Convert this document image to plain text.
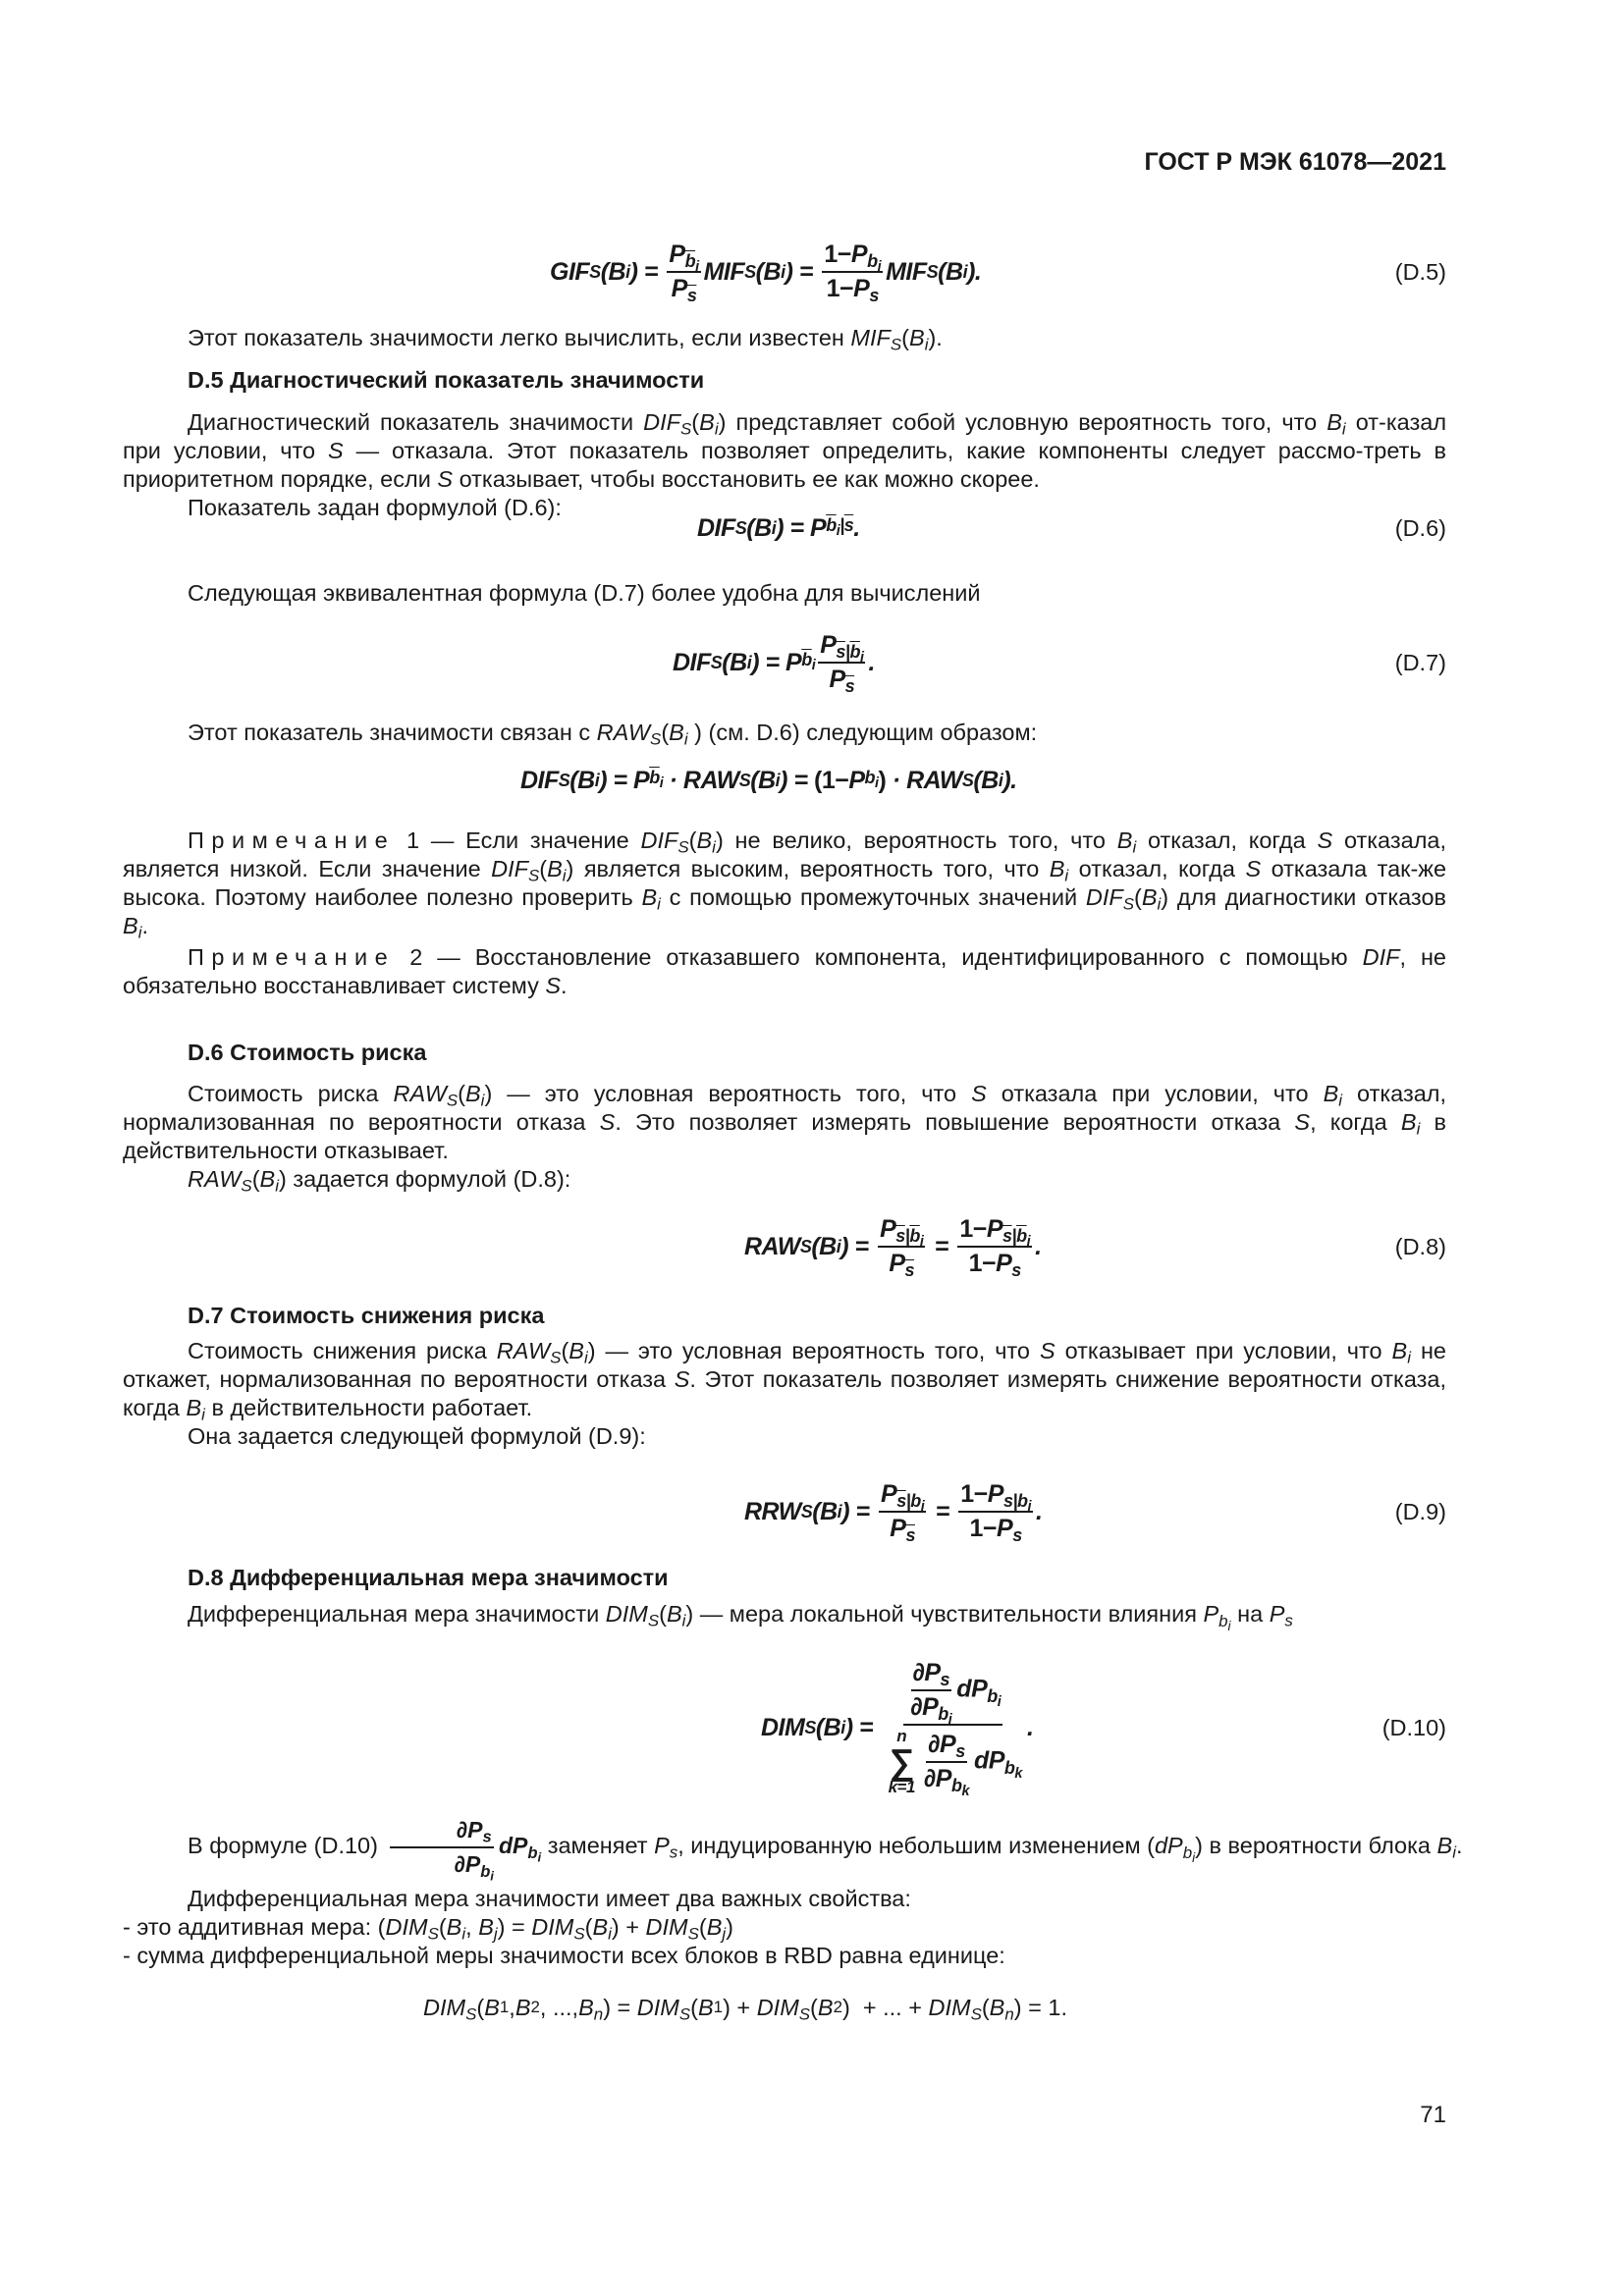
ГОСТ Р МЭК 61078—2021
GIF S (B i ) = $\frac{P_{\overline{b}_i}}{P_{\overline{s}}}$ MIF S (B i ) = $\frac{1-P_{b_i}}{1-P_s}$ MIF S (B i ).	(D.5)

Этот показатель значимости легко вычислить, если известен $MIF_S(B_i)$.

D.5 Диагностический показатель значимости

Диагностический показатель значимости $DIF_S(B_i)$ представляет собой условную вероятность того, что $B_i$ от-казал при условии, что S — отказала. Этот показатель позволяет определить, какие компоненты следует рассмо-треть в приоритетном порядке, если S отказывает, чтобы восстановить ее как можно скорее.

Показатель задан формулой (D.6):

DIF S (B i ) = P $\overline{b}_i|\overline{s}$ .	(D.6)

Следующая эквивалентная формула (D.7) более удобна для вычислений

DIF S (B i ) = P $\overline{b}_i \frac{P_{\overline{s}|\overline{b}_i}}{P_{\overline{s}}}$ .	(D.7)

Этот показатель значимости связан с $RAW_S(B_i$ ) (см. D.6) следующим образом:

DIF S (B i ) = P $\overline{b}_i$ · RAW S (B i ) = (1− P $b_i$ ) · RAW S (B i ).

Примечание 1 — Если значение $DIF_S(B_i)$ не велико, вероятность того, что $B_i$ отказал, когда S отказала, является низкой. Если значение $DIF_S(B_i)$ является высоким, вероятность того, что $B_i$ отказал, когда S отказала так-же высока. Поэтому наиболее полезно проверить $B_i$ с помощью промежуточных значений $DIF_S(B_i)$ для диагностики отказов $B_i$.

Примечание 2 — Восстановление отказавшего компонента, идентифицированного с помощью DIF, не обязательно восстанавливает систему S.

D.6 Стоимость риска

Стоимость риска $RAW_S(B_i)$ — это условная вероятность того, что S отказала при условии, что $B_i$ отказал, нормализованная по вероятности отказа S. Это позволяет измерять повышение вероятности отказа S, когда $B_i$ в действительности отказывает.

$RAW_S(B_i)$ задается формулой (D.8):

RAW S (B i ) = $\frac{P_{\overline{s}|\overline{b}_i}}{P_{\overline{s}}} = \frac{1-P_{\overline{s}|\overline{b}_i}}{1-P_s}$ .	(D.8)

D.7 Стоимость снижения риска

Стоимость снижения риска $RAW_S(B_i)$ — это условная вероятность того, что S отказывает при условии, что $B_i$ не откажет, нормализованная по вероятности отказа S. Этот показатель позволяет измерять снижение вероятности отказа, когда $B_i$ в действительности работает.

Она задается следующей формулой (D.9):

RRW S (B i ) = $\frac{P_{\overline{s}|b_i}}{P_{\overline{s}}} = \frac{1-P_{s|b_i}}{1-P_s}$ .	(D.9)

D.8 Дифференциальная мера значимости

Дифференциальная мера значимости $DIM_S(B_i)$ — мера локальной чувствительности влияния $P_{b_i}$ на $P_s$

DIM S (B i ) = $\frac{\partial P_s}{\partial P_{b_i}} dP_{b_i}$
n
∑
$k=1 \frac{\partial P_s}{\partial P_{b_k}} dP_{b_k}$ .	(D.10)

В формуле $(D.10) \frac{\partial P_s}{\partial P_{b_i}} dP_{b_i}$ заменяет $P_s$, индуцированную небольшим изменением $(dP_{b_i})$ в вероятности блока $B_i$.

Дифференциальная мера значимости имеет два важных свойства:

- это аддитивная мера: ($DIM_S(B_i$, $B_j) = DIM_S(B_i) + DIM_S(B_j)$

- сумма дифференциальной меры значимости всех блоков в RBD равна единице:

$DIM_S$ ( B 1 , B 2 , ..., $B_n$ ) = $DIM_S$ ( B 1 ) + $DIM_S$ ( B 2 )  + ... + $DIM_S$ ( $B_n$ ) = 1.
71
